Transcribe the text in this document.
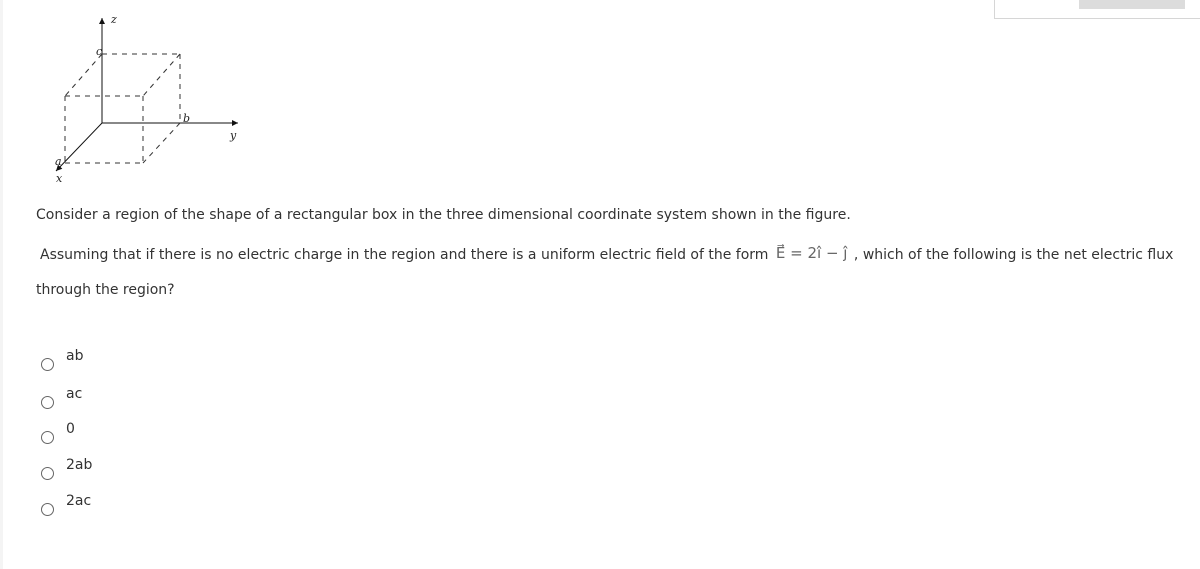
z
c
b
y
a
x
Consider a region of the shape of a rectangular box in the three dimensional coordinate system shown in the figure.
Assuming that if there is no electric charge in the region and there is a uniform electric field of the form E⃗ = 2î − ĵ , which of the following is the net electric flux
through the region?
ab
ac
0
2ab
2ac
